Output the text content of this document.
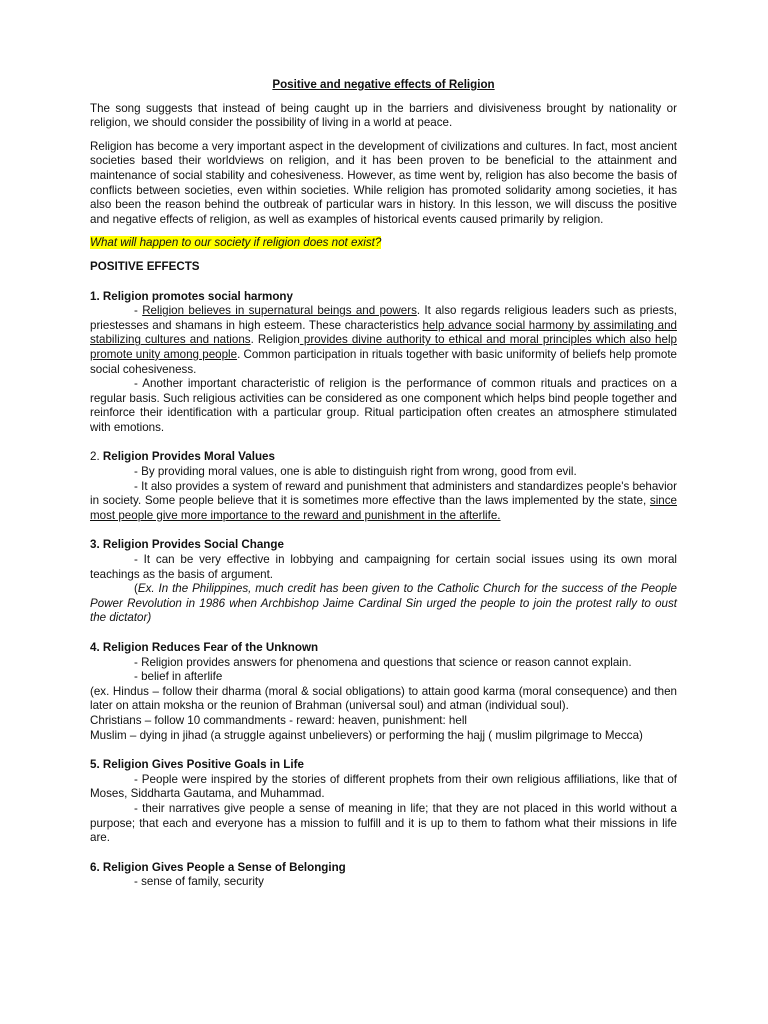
Positive and negative effects of Religion

The song suggests that instead of being caught up in the barriers and divisiveness brought by nationality or religion, we should consider the possibility of living in a world at peace.

Religion has become a very important aspect in the development of civilizations and cultures. In fact, most ancient societies based their worldviews on religion, and it has been proven to be beneficial to the attainment and maintenance of social stability and cohesiveness. However, as time went by, religion has also become the basis of conflicts between societies, even within societies. While religion has promoted solidarity among societies, it has also been the reason behind the outbreak of particular wars in history. In this lesson, we will discuss the positive and negative effects of religion, as well as examples of historical events caused primarily by religion.

What will happen to our society if religion does not exist?

POSITIVE EFFECTS

1. Religion promotes social harmony

- Religion believes in supernatural beings and powers. It also regards religious leaders such as priests, priestesses and shamans in high esteem. These characteristics help advance social harmony by assimilating and stabilizing cultures and nations. Religion provides divine authority to ethical and moral principles which also help promote unity among people. Common participation in rituals together with basic uniformity of beliefs help promote social cohesiveness.

- Another important characteristic of religion is the performance of common rituals and practices on a regular basis. Such religious activities can be considered as one component which helps bind people together and reinforce their identification with a particular group. Ritual participation often creates an atmosphere stimulated with emotions.

2. Religion Provides Moral Values

- By providing moral values, one is able to distinguish right from wrong, good from evil.

- It also provides a system of reward and punishment that administers and standardizes people's behavior in society. Some people believe that it is sometimes more effective than the laws implemented by the state, since most people give more importance to the reward and punishment in the afterlife.

3. Religion Provides Social Change

- It can be very effective in lobbying and campaigning for certain social issues using its own moral teachings as the basis of argument.

(Ex. In the Philippines, much credit has been given to the Catholic Church for the success of the People Power Revolution in 1986 when Archbishop Jaime Cardinal Sin urged the people to join the protest rally to oust the dictator)

4. Religion Reduces Fear of the Unknown

- Religion provides answers for phenomena and questions that science or reason cannot explain.

- belief in afterlife

(ex. Hindus – follow their dharma (moral & social obligations) to attain good karma (moral consequence) and then later on attain moksha or the reunion of Brahman (universal soul) and atman (individual soul).

Christians – follow 10 commandments - reward: heaven, punishment: hell

Muslim – dying in jihad (a struggle against unbelievers) or performing the hajj ( muslim pilgrimage to Mecca)

5. Religion Gives Positive Goals in Life

- People were inspired by the stories of different prophets from their own religious affiliations, like that of Moses, Siddharta Gautama, and Muhammad.

- their narratives give people a sense of meaning in life; that they are not placed in this world without a purpose; that each and everyone has a mission to fulfill and it is up to them to fathom what their missions in life are.

6. Religion Gives People a Sense of Belonging

- sense of family, security
